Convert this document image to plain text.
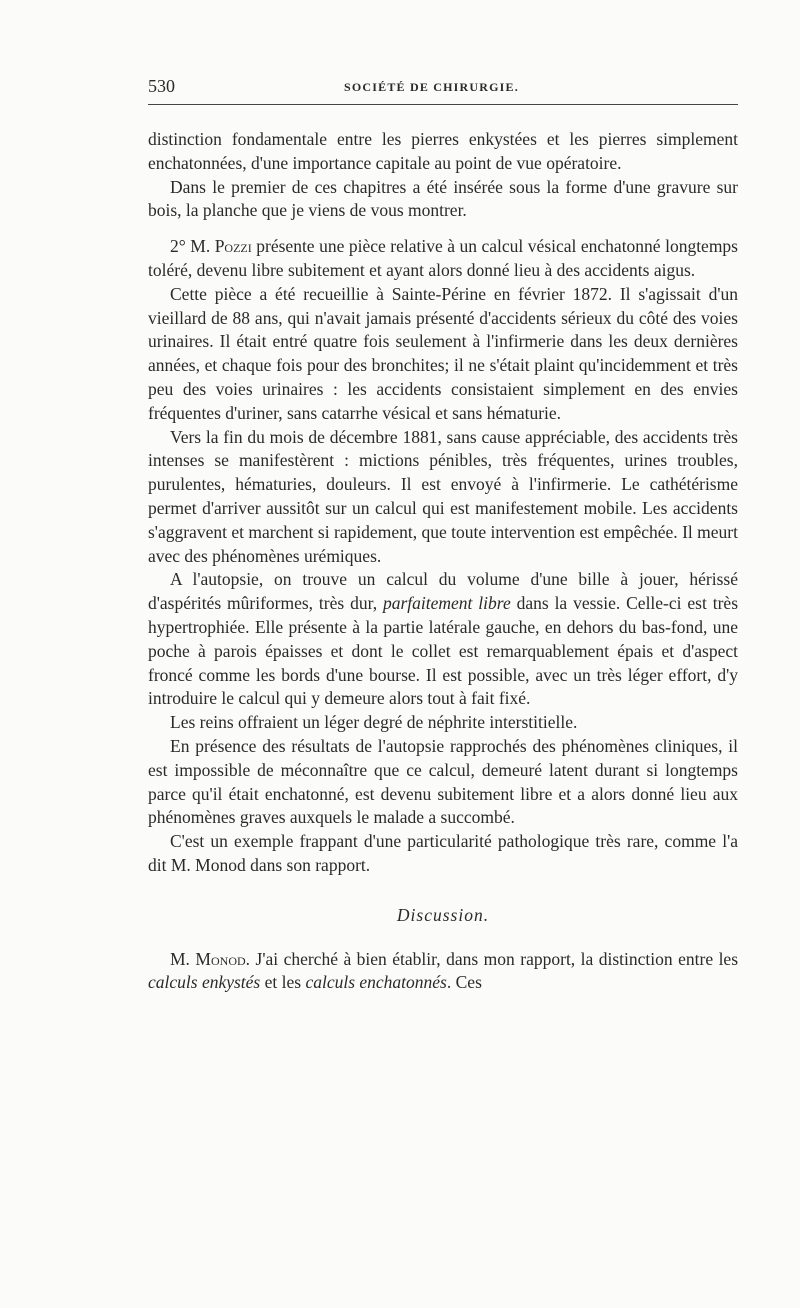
530	SOCIÉTÉ DE CHIRURGIE.

distinction fondamentale entre les pierres enkystées et les pierres simplement enchatonnées, d'une importance capitale au point de vue opératoire.

Dans le premier de ces chapitres a été insérée sous la forme d'une gravure sur bois, la planche que je viens de vous montrer.

2° M. Pozzi présente une pièce relative à un calcul vésical enchatonné longtemps toléré, devenu libre subitement et ayant alors donné lieu à des accidents aigus.

Cette pièce a été recueillie à Sainte-Périne en février 1872. Il s'agissait d'un vieillard de 88 ans, qui n'avait jamais présenté d'accidents sérieux du côté des voies urinaires. Il était entré quatre fois seulement à l'infirmerie dans les deux dernières années, et chaque fois pour des bronchites; il ne s'était plaint qu'incidemment et très peu des voies urinaires : les accidents consistaient simplement en des envies fréquentes d'uriner, sans catarrhe vésical et sans hématurie.

Vers la fin du mois de décembre 1881, sans cause appréciable, des accidents très intenses se manifestèrent : mictions pénibles, très fréquentes, urines troubles, purulentes, hématuries, douleurs. Il est envoyé à l'infirmerie. Le cathétérisme permet d'arriver aussitôt sur un calcul qui est manifestement mobile. Les accidents s'aggravent et marchent si rapidement, que toute intervention est empêchée. Il meurt avec des phénomènes urémiques.

A l'autopsie, on trouve un calcul du volume d'une bille à jouer, hérissé d'aspérités mûriformes, très dur, parfaitement libre dans la vessie. Celle-ci est très hypertrophiée. Elle présente à la partie latérale gauche, en dehors du bas-fond, une poche à parois épaisses et dont le collet est remarquablement épais et d'aspect froncé comme les bords d'une bourse. Il est possible, avec un très léger effort, d'y introduire le calcul qui y demeure alors tout à fait fixé.

Les reins offraient un léger degré de néphrite interstitielle.

En présence des résultats de l'autopsie rapprochés des phénomènes cliniques, il est impossible de méconnaître que ce calcul, demeuré latent durant si longtemps parce qu'il était enchatonné, est devenu subitement libre et a alors donné lieu aux phénomènes graves auxquels le malade a succombé.

C'est un exemple frappant d'une particularité pathologique très rare, comme l'a dit M. Monod dans son rapport.

Discussion.

M. Monod. J'ai cherché à bien établir, dans mon rapport, la distinction entre les calculs enkystés et les calculs enchatonnés. Ces
